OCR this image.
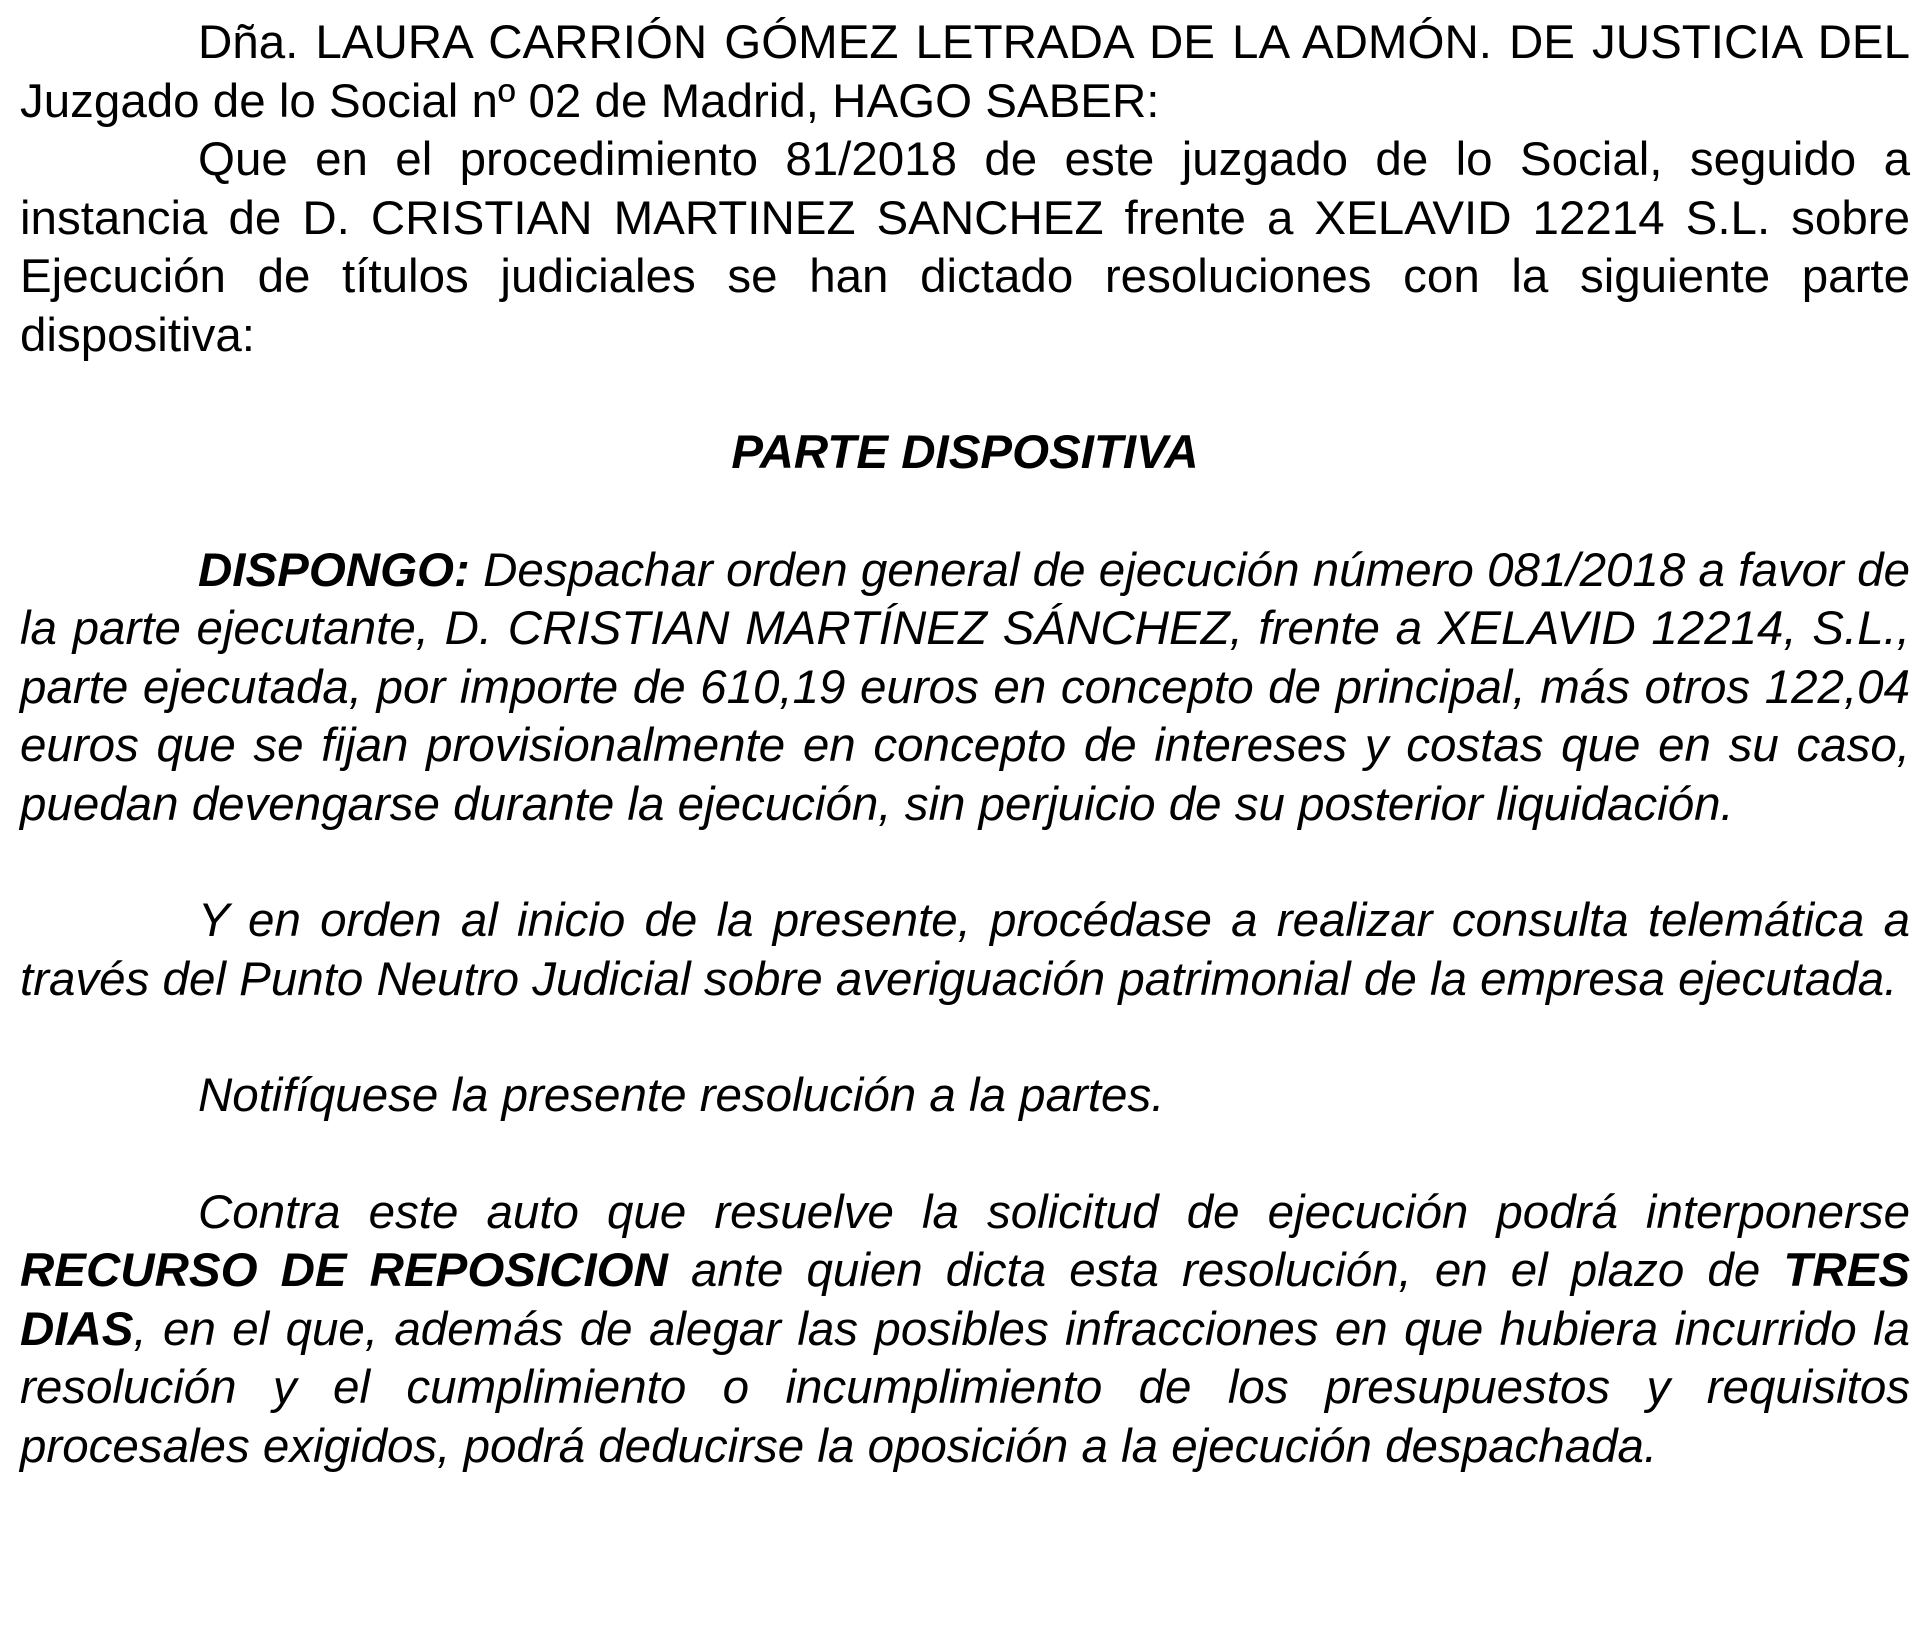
Dña. LAURA CARRIÓN GÓMEZ LETRADA DE LA ADMÓN. DE JUSTICIA DEL Juzgado de lo Social nº 02 de Madrid, HAGO SABER:

Que en el procedimiento 81/2018 de este juzgado de lo Social, seguido a instancia de D. CRISTIAN MARTINEZ SANCHEZ frente a XELAVID 12214 S.L. sobre Ejecución de títulos judiciales se han dictado resoluciones con la siguiente parte dispositiva:

PARTE DISPOSITIVA

DISPONGO: Despachar orden general de ejecución número 081/2018 a favor de la parte ejecutante, D. CRISTIAN MARTÍNEZ SÁNCHEZ, frente a XELAVID 12214, S.L., parte ejecutada, por importe de 610,19 euros en concepto de principal, más otros 122,04 euros que se fijan provisionalmente en concepto de intereses y costas que en su caso, puedan devengarse durante la ejecución, sin perjuicio de su posterior liquidación.

Y en orden al inicio de la presente, procédase a realizar consulta telemática a través del Punto Neutro Judicial sobre averiguación patrimonial de la empresa ejecutada.

Notifíquese la presente resolución a la partes.

Contra este auto que resuelve la solicitud de ejecución podrá interponerse RECURSO DE REPOSICION ante quien dicta esta resolución, en el plazo de TRES DIAS, en el que, además de alegar las posibles infracciones en que hubiera incurrido la resolución y el cumplimiento o incumplimiento de los presupuestos y requisitos procesales exigidos, podrá deducirse la oposición a la ejecución despachada.
